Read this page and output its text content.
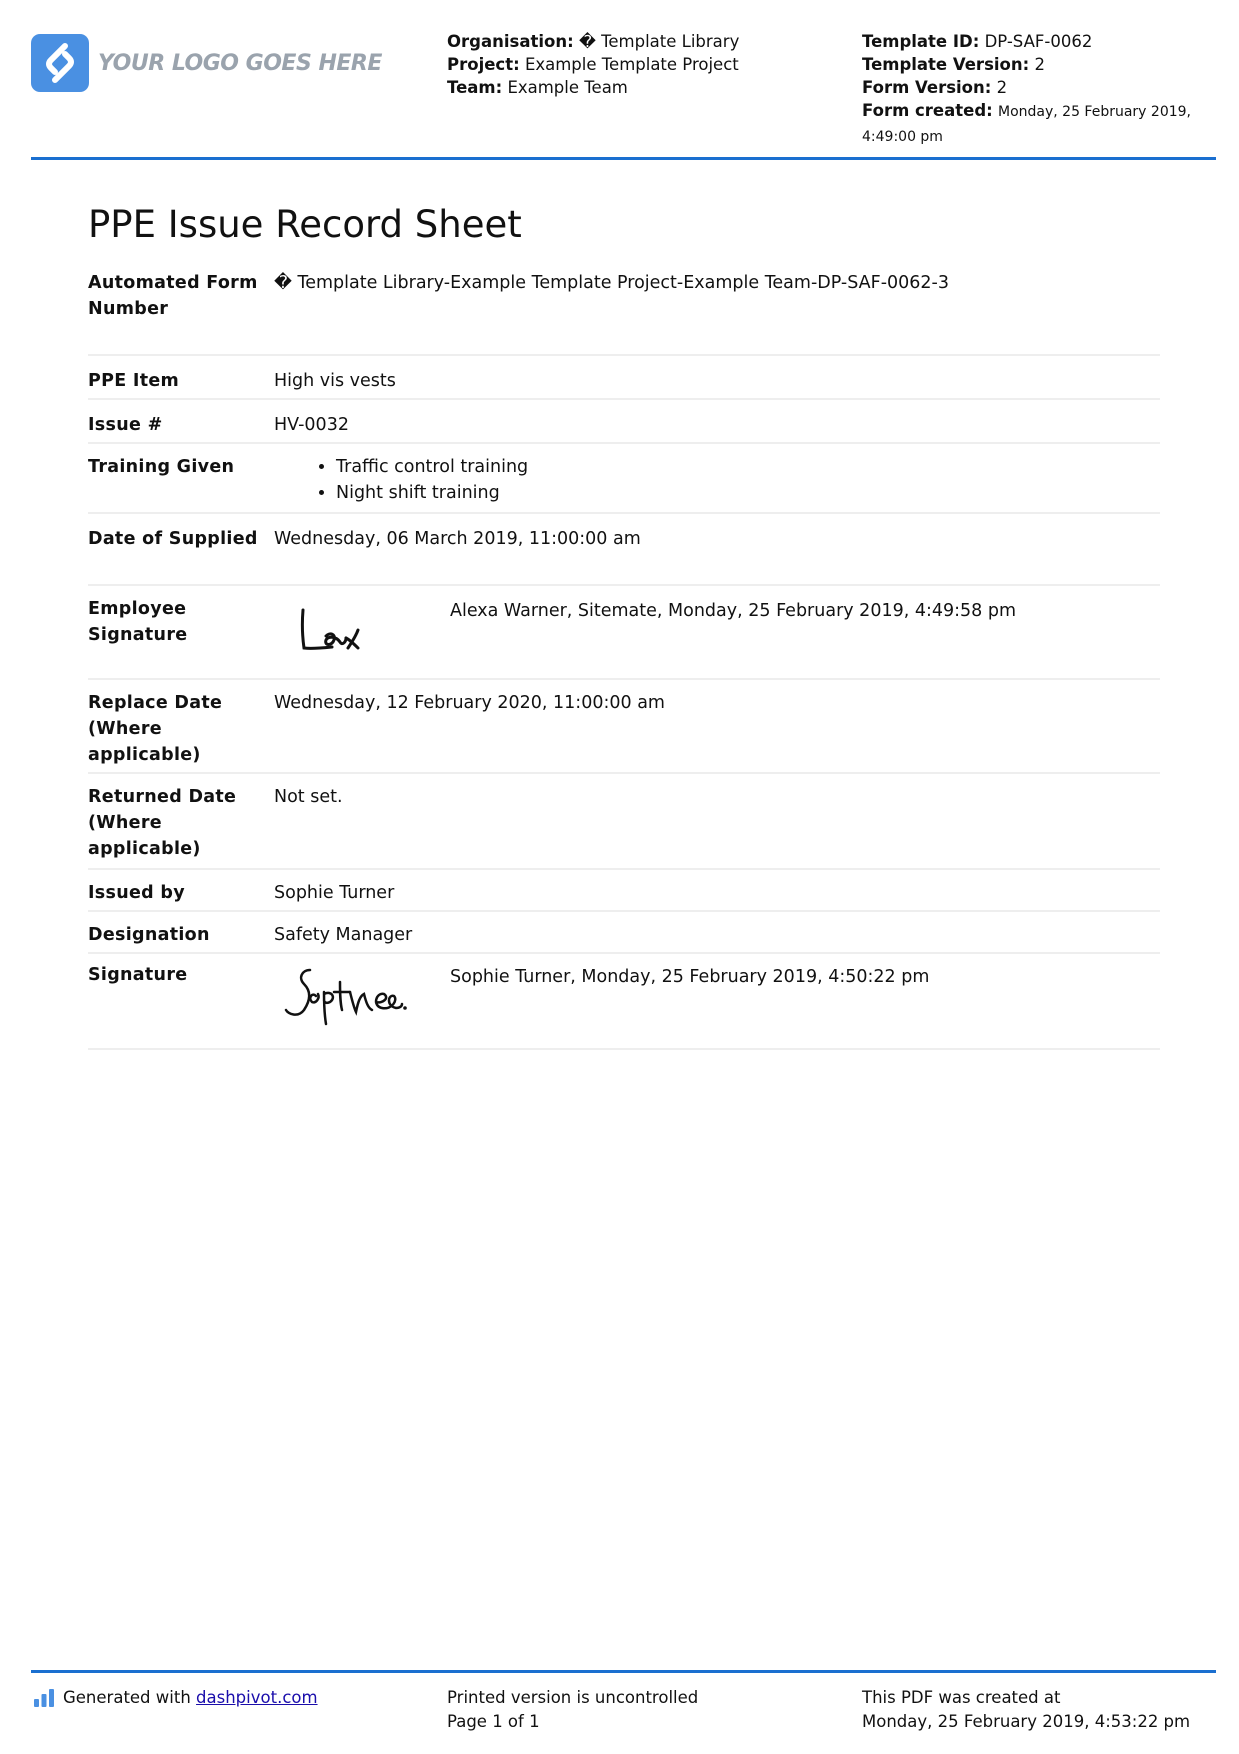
YOUR LOGO GOES HERE
Organisation: � Template Library
Project: Example Template Project
Team: Example Team
Template ID: DP-SAF-0062
Template Version: 2
Form Version: 2
Form created: Monday, 25 February 2019, 4:49:00 pm
PPE Issue Record Sheet
Automated Form Number
� Template Library-Example Template Project-Example Team-DP-SAF-0062-3
PPE Item	High vis vests
Issue #	HV-0032
Training Given
•	Traffic control training
• Night shift training
Date of Supplied Wednesday, 06 March 2019, 11:00:00 am
Employee Signature
Alexa Warner, Sitemate, Monday, 25 February 2019, 4:49:58 pm
Replace Date (Where applicable)
Wednesday, 12 February 2020, 11:00:00 am
Returned Date (Where applicable)
Not set.
Issued by	Sophie Turner
Designation	Safety Manager
Signature	Sophie Turner, Monday, 25 February 2019, 4:50:22 pm
Generated with
dashpivot.com	Printed version is uncontrolled
Page 1 of 1
This PDF was created at
Monday, 25 February 2019, 4:53:22 pm
